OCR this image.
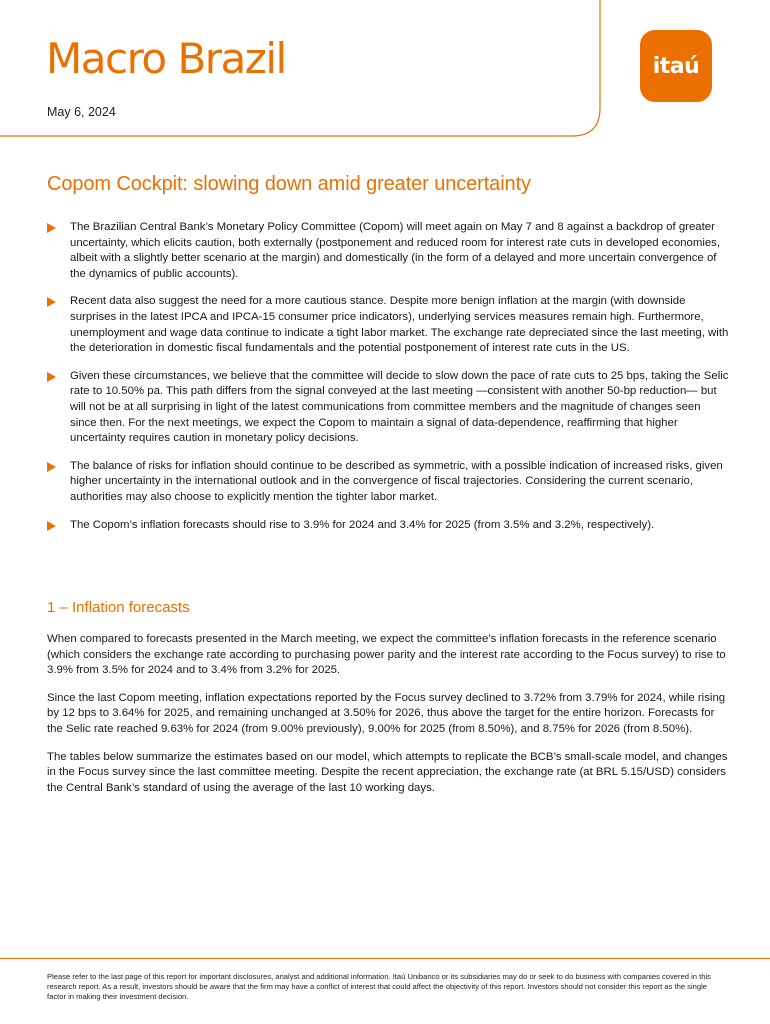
Macro Brazil
May 6, 2024
itaú
Copom Cockpit: slowing down amid greater uncertainty
The Brazilian Central Bank’s Monetary Policy Committee (Copom) will meet again on May 7 and 8 against a backdrop of greater uncertainty, which elicits caution, both externally (postponement and reduced room for interest rate cuts in developed economies, albeit with a slightly better scenario at the margin) and domestically (in the form of a delayed and more uncertain convergence of the dynamics of public accounts).
Recent data also suggest the need for a more cautious stance. Despite more benign inflation at the margin (with downside surprises in the latest IPCA and IPCA-15 consumer price indicators), underlying services measures remain high. Furthermore, unemployment and wage data continue to indicate a tight labor market. The exchange rate depreciated since the last meeting, with the deterioration in domestic fiscal fundamentals and the potential postponement of interest rate cuts in the US.
Given these circumstances, we believe that the committee will decide to slow down the pace of rate cuts to 25 bps, taking the Selic rate to 10.50% pa. This path differs from the signal conveyed at the last meeting —consistent with another 50-bp reduction— but will not be at all surprising in light of the latest communications from committee members and the magnitude of changes seen since then. For the next meetings, we expect the Copom to maintain a signal of data-dependence, reaffirming that higher uncertainty requires caution in monetary policy decisions.
The balance of risks for inflation should continue to be described as symmetric, with a possible indication of increased risks, given higher uncertainty in the international outlook and in the convergence of fiscal trajectories. Considering the current scenario, authorities may also choose to explicitly mention the tighter labor market.
The Copom’s inflation forecasts should rise to 3.9% for 2024 and 3.4% for 2025 (from 3.5% and 3.2%, respectively).
1 – Inflation forecasts

When compared to forecasts presented in the March meeting, we expect the committee’s inflation forecasts in the reference scenario (which considers the exchange rate according to purchasing power parity and the interest rate according to the Focus survey) to rise to 3.9% from 3.5% for 2024 and to 3.4% from 3.2% for 2025.

Since the last Copom meeting, inflation expectations reported by the Focus survey declined to 3.72% from 3.79% for 2024, while rising by 12 bps to 3.64% for 2025, and remaining unchanged at 3.50% for 2026, thus above the target for the entire horizon. Forecasts for the Selic rate reached 9.63% for 2024 (from 9.00% previously), 9.00% for 2025 (from 8.50%), and 8.75% for 2026 (from 8.50%).

The tables below summarize the estimates based on our model, which attempts to replicate the BCB’s small-scale model, and changes in the Focus survey since the last committee meeting. Despite the recent appreciation, the exchange rate (at BRL 5.15/USD) considers the Central Bank’s standard of using the average of the last 10 working days.

Please refer to the last page of this report for important disclosures, analyst and additional information. Itaú Unibanco or its subsidiaries may do or seek to do business with companies covered in this research report. As a result, investors should be aware that the firm may have a conflict of interest that could affect the objectivity of this report. Investors should not consider this report as the single factor in making their investment decision.
